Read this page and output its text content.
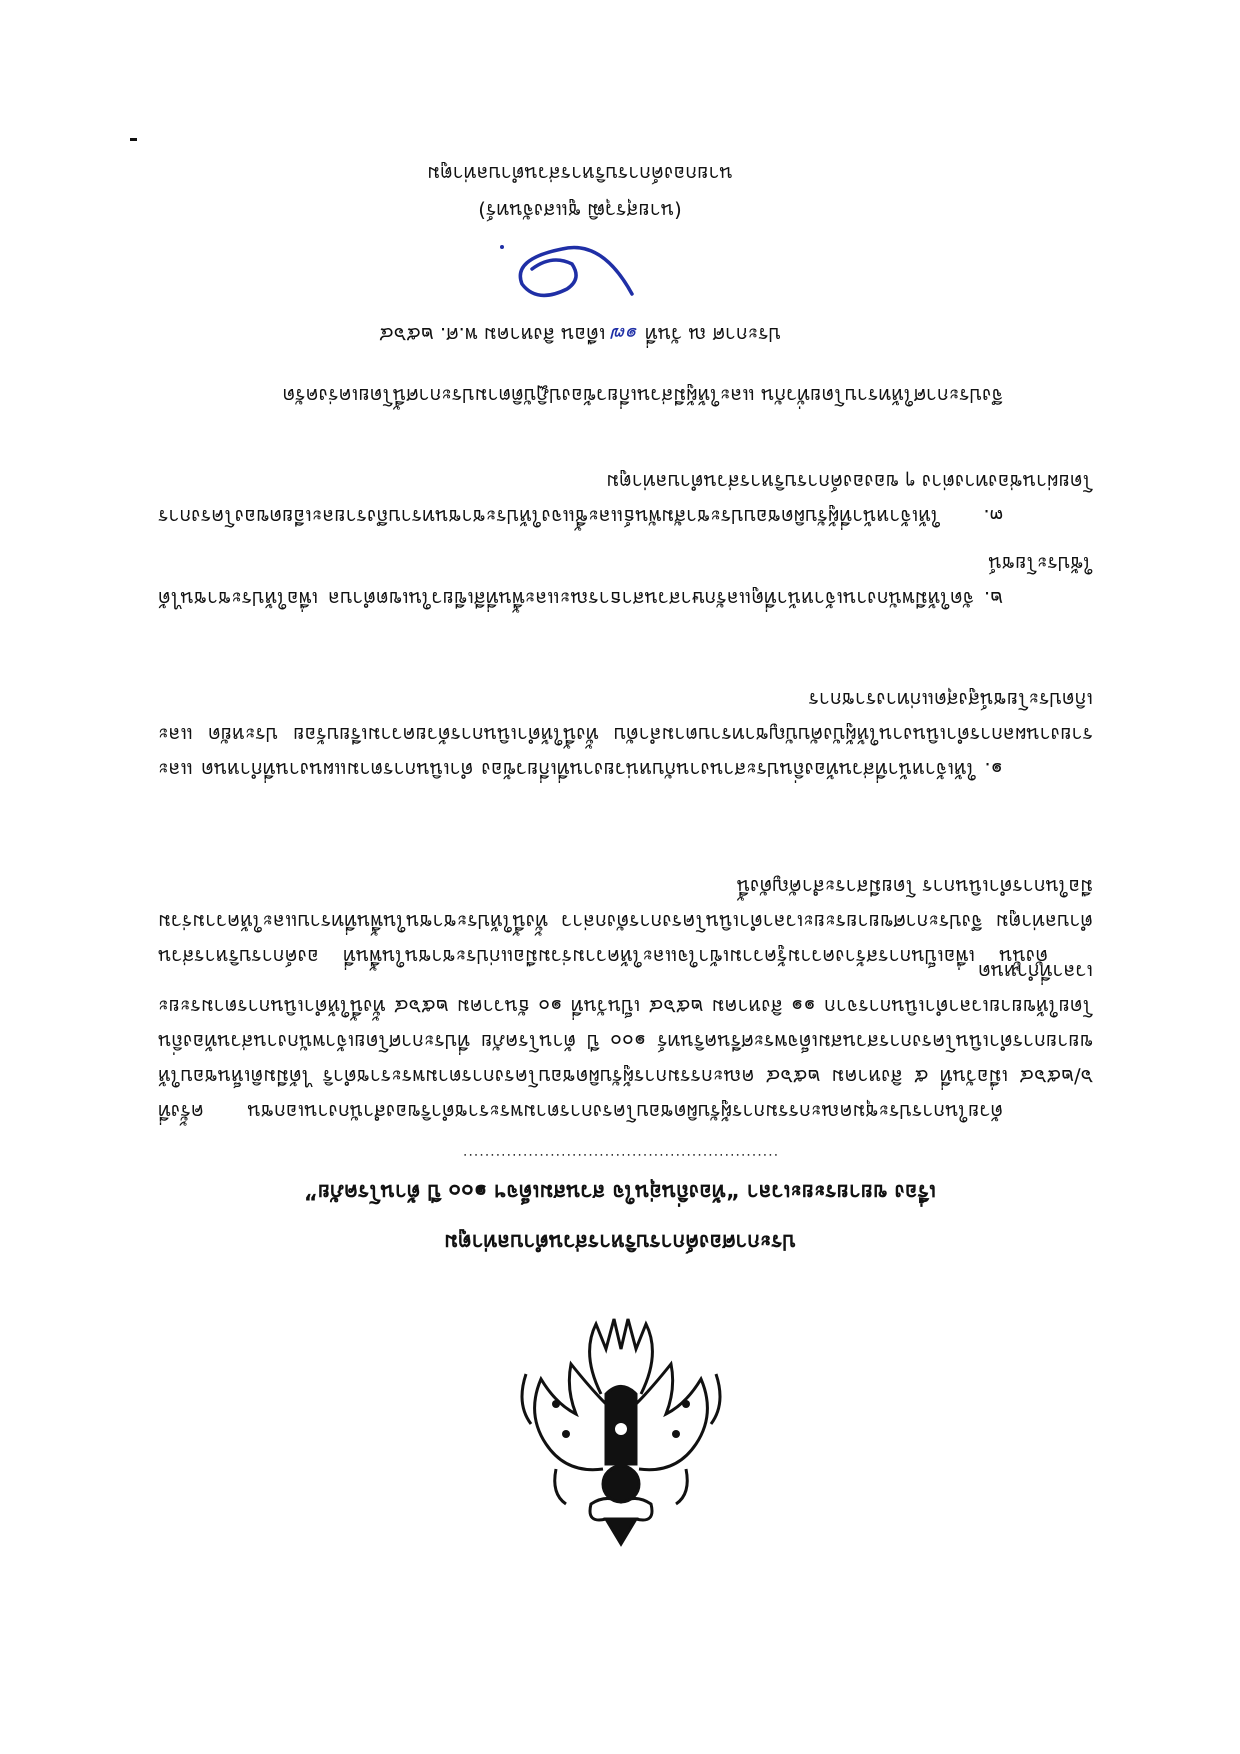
ประกาศองค์การบริหารส่วนตำบลท่าตูม
เรื่อง ขยายระยะเวลา “ท้องถิ่นอุ่นใจ สวนสมเด็จฯ ๑๐๐ ปี ต้านโรคภัย”
..........................................................
ด้วยในการประชุมคณะกรรมการผู้รับผิดชอบโครงการตามพระราชดำริของสำนักงานเอกชน ครั้งที่ ๖/๒๕๖๔ เมื่อวันที่ ๕ สิงหาคม ๒๕๖๔ คณะกรรมการผู้รับผิดชอบโครงการตามพระราชดำริ ได้มีมติเห็นชอบให้ขยายการดำเนินโครงการสวนสมเด็จพระศรีนครินทร์ ๑๐๐ ปี ต้านโรคภัย ที่ประกาศโดยเจ้าพนักงานส่วนท้องถิ่น โดยให้ขยายเวลาดำเนินการจาก ๑๑ สิงหาคม ๒๕๖๔ เป็นวันที่ ๑๐ ธันวาคม ๒๕๖๔ ทั้งนี้ให้ดำเนินการตามระยะเวลาที่กำหนด
ดังนั้น เพื่อเป็นการสร้างความรู้ความเข้าใจและให้ความร่วมมือแก่ประชาชนในพื้นที่ องค์การบริหารส่วนตำบลท่าตูม จึงประกาศขยายระยะเวลาดำเนินโครงการดังกล่าว ทั้งนี้ให้ประชาชนในพื้นที่ทราบและให้ความร่วมมือในการดำเนินการ โดยมีสาระสำคัญดังนี้
๑. ให้เจ้าหน้าที่ส่วนท้องถิ่นประสานงานกับหน่วยงานที่เกี่ยวข้อง ดำเนินการตามแผนงานที่กำหนด และรายงานผลการดำเนินงานให้ผู้บังคับบัญชาทราบตามลำดับ ทั้งนี้ให้ดำเนินการด้วยความเรียบร้อย ประหยัด และเกิดประโยชน์สูงสุดแก่ทางราชการ
๒. จัดให้มีพนักงานเจ้าหน้าที่ดูแลรักษาสวนสาธารณะและพื้นที่สีเขียวในเขตตำบล เพื่อให้ประชาชนได้ใช้ประโยชน์
๓. ให้เจ้าหน้าที่ผู้รับผิดชอบประชาสัมพันธ์และชี้แจงให้ประชาชนทราบถึงรายละเอียดของโครงการ โดยผ่านช่องทางต่าง ๆ ขององค์การบริหารส่วนตำบลท่าตูม
จึงประกาศให้ทราบโดยทั่วกัน และให้ผู้มีส่วนเกี่ยวข้องปฏิบัติตามประกาศนี้โดยเคร่งครัด
ประกาศ ณ วันที่ ๑๗ เดือน สิงหาคม พ.ศ. ๒๕๖๔
(นายสุรวุฒิ ชูแสงจันทร์)
นายกองค์การบริหารส่วนตำบลท่าตูม
